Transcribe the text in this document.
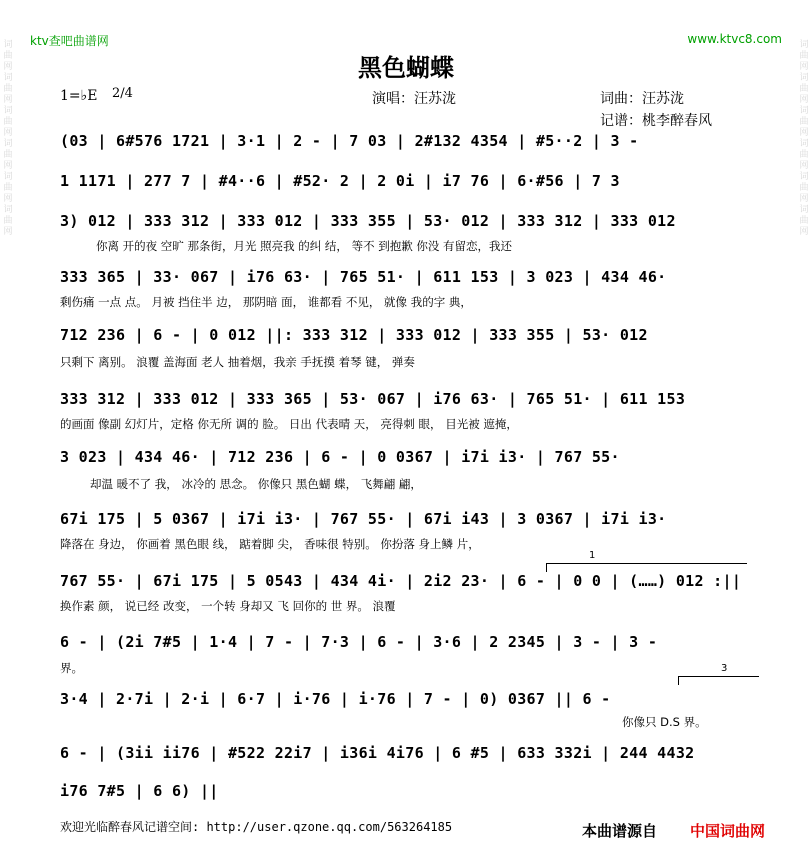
词曲网词曲网词曲网词曲网词曲网词曲网
词曲网词曲网词曲网词曲网词曲网词曲网
ktv查吧曲谱网	www.ktvc8.com
黑色蝴蝶
1=♭E 2/4	演唱：汪苏泷	词曲：汪苏泷
记谱：桃李醉春风
(03 | 6#576 1721 | 3·1 | 2 - | 7 03 | 2#132 4354 | #5··2 | 3 -
1 1171 | 277 7 | #4··6 | #52· 2 | 2 0i | i7 76 | 6·#56 | 7 3
3) 012 | 333 312 | 333 012 | 333 355 | 53· 012 | 333 312 | 333 012
你离 开的夜 空旷 那条街，月光 照亮我 的纠 结， 等不 到抱歉 你没 有留恋，我还
333 365 | 33· 067 | i76 63· | 765 51· | 611 153 | 3 023 | 434 46·
剩伤痛 一点 点。 月被 挡住半 边， 那阴暗 面， 谁都看 不见， 就像 我的字 典，
712 236 | 6 - | 0 012 ||: 333 312 | 333 012 | 333 355 | 53· 012
只剩下 离别。 浪覆 盖海面 老人 抽着烟，我亲 手抚摸 着琴 键， 弹奏
333 312 | 333 012 | 333 365 | 53· 067 | i76 63· | 765 51· | 611 153
的画面 像副 幻灯片，定格 你无所 调的 脸。 日出 代表晴 天， 亮得刺 眼， 目光被 遮掩，
3 023 | 434 46· | 712 236 | 6 - | 0 0367 | i7i i3· | 767 55·
却温 暖不了 我， 冰冷的 思念。 你像只 黑色蝴 蝶， 飞舞翩 翩，
67i 175 | 5 0367 | i7i i3· | 767 55· | 67i i43 | 3 0367 | i7i i3·
降落在 身边， 你画着 黑色眼 线， 踮着脚 尖， 香味很 特别。 你扮落 身上鳞 片，
1
767 55· | 67i 175 | 5 0543 | 434 4i· | 2i2 23· | 6 - | 0 0 | (……) 012 :||
换作素 颜， 说已经 改变， 一个转 身却又 飞 回你的 世 界。 浪覆
6 - | (2i 7#5 | 1·4 | 7 - | 7·3 | 6 - | 3·6 | 2 2345 | 3 - | 3 -
界。	3
3·4 | 2·7i | 2·i | 6·7 | i·76 | i·76 | 7 - | 0) 0367 || 6 -
你像只 D.S 界。
6 - | (3ii ii76 | #522 22i7 | i36i 4i76 | 6 #5 | 633 332i | 244 4432
i76 7#5 | 6 6) ||
欢迎光临醉春风记谱空间: http://user.qzone.qq.com/563264185	本曲谱源自 中国词曲网
